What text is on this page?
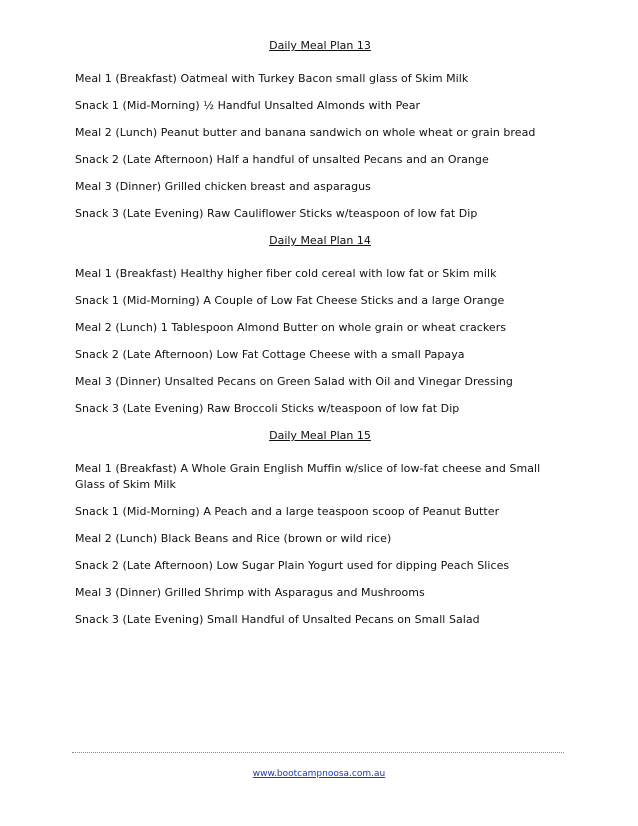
Daily Meal Plan 13

Meal 1 (Breakfast) Oatmeal with Turkey Bacon small glass of Skim Milk

Snack 1 (Mid-Morning) ½ Handful Unsalted Almonds with Pear

Meal 2 (Lunch) Peanut butter and banana sandwich on whole wheat or grain bread

Snack 2 (Late Afternoon) Half a handful of unsalted Pecans and an Orange

Meal 3 (Dinner) Grilled chicken breast and asparagus

Snack 3 (Late Evening) Raw Cauliflower Sticks w/teaspoon of low fat Dip

Daily Meal Plan 14

Meal 1 (Breakfast) Healthy higher fiber cold cereal with low fat or Skim milk

Snack 1 (Mid-Morning) A Couple of Low Fat Cheese Sticks and a large Orange

Meal 2 (Lunch) 1 Tablespoon Almond Butter on whole grain or wheat crackers

Snack 2 (Late Afternoon) Low Fat Cottage Cheese with a small Papaya

Meal 3 (Dinner) Unsalted Pecans on Green Salad with Oil and Vinegar Dressing

Snack 3 (Late Evening) Raw Broccoli Sticks w/teaspoon of low fat Dip

Daily Meal Plan 15

Meal 1 (Breakfast) A Whole Grain English Muffin w/slice of low-fat cheese and Small Glass of Skim Milk

Snack 1 (Mid-Morning) A Peach and a large teaspoon scoop of Peanut Butter

Meal 2 (Lunch) Black Beans and Rice (brown or wild rice)

Snack 2 (Late Afternoon) Low Sugar Plain Yogurt used for dipping Peach Slices

Meal 3 (Dinner) Grilled Shrimp with Asparagus and Mushrooms

Snack 3 (Late Evening) Small Handful of Unsalted Pecans on Small Salad

www.bootcampnoosa.com.au
